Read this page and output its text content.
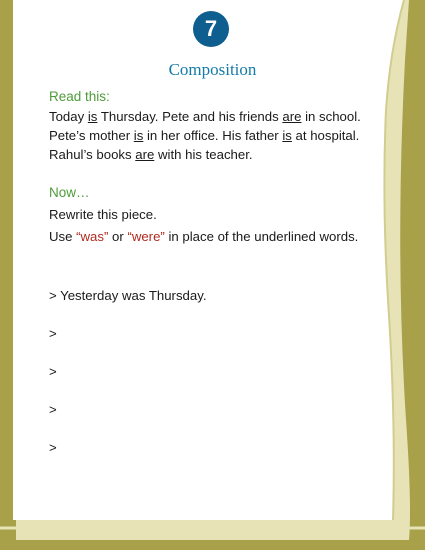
7
Composition
Read this:
Today is Thursday. Pete and his friends are in school.
Pete’s mother is in her office. His father is at hospital.
Rahul’s books are with his teacher.
Now…
Rewrite this piece.
Use “was” or “were” in place of the underlined words.
> Yesterday was Thursday.
>
>
>
>
